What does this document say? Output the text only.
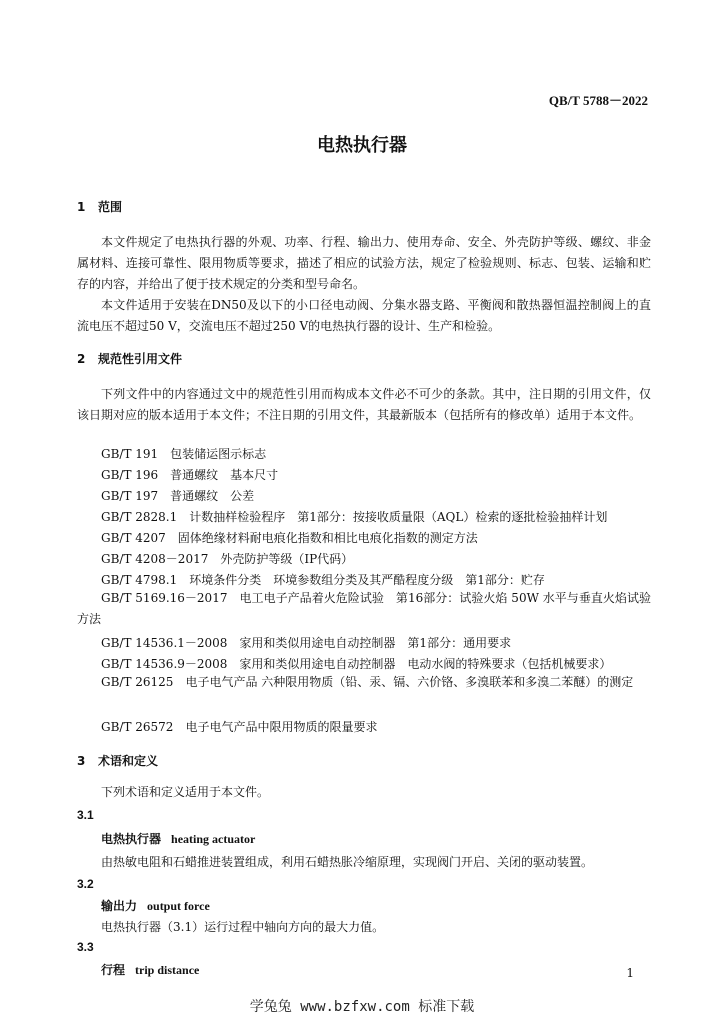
QB/T 5788－2022
电热执行器
1 范围
本文件规定了电热执行器的外观、功率、行程、输出力、使用寿命、安全、外壳防护等级、螺纹、非金属材料、连接可靠性、限用物质等要求，描述了相应的试验方法，规定了检验规则、标志、包装、运输和贮存的内容，并给出了便于技术规定的分类和型号命名。
本文件适用于安装在DN50及以下的小口径电动阀、分集水器支路、平衡阀和散热器恒温控制阀上的直流电压不超过50 V，交流电压不超过250 V的电热执行器的设计、生产和检验。
2 规范性引用文件
下列文件中的内容通过文中的规范性引用而构成本文件必不可少的条款。其中，注日期的引用文件，仅该日期对应的版本适用于本文件；不注日期的引用文件，其最新版本（包括所有的修改单）适用于本文件。
GB/T 191　包装储运图示标志
GB/T 196　普通螺纹　基本尺寸
GB/T 197　普通螺纹　公差
GB/T 2828.1　计数抽样检验程序　第1部分：按接收质量限（AQL）检索的逐批检验抽样计划
GB/T 4207　固体绝缘材料耐电痕化指数和相比电痕化指数的测定方法
GB/T 4208－2017　外壳防护等级（IP代码）
GB/T 4798.1　环境条件分类　环境参数组分类及其严酷程度分级　第1部分：贮存
GB/T 5169.16－2017　电工电子产品着火危险试验　第16部分：试验火焰 50W 水平与垂直火焰试验方法
GB/T 14536.1－2008　家用和类似用途电自动控制器　第1部分：通用要求
GB/T 14536.9－2008　家用和类似用途电自动控制器　电动水阀的特殊要求（包括机械要求）
GB/T 26125　电子电气产品 六种限用物质（铅、汞、镉、六价铬、多溴联苯和多溴二苯醚）的测定
GB/T 26572　电子电气产品中限用物质的限量要求
3 术语和定义
下列术语和定义适用于本文件。
3.1
电热执行器 heating actuator
由热敏电阻和石蜡推进装置组成，利用石蜡热胀冷缩原理，实现阀门开启、关闭的驱动装置。
3.2
输出力 output force
电热执行器（3.1）运行过程中轴向方向的最大力值。
3.3
行程 trip distance	1
学兔兔 www.bzfxw.com 标准下载
